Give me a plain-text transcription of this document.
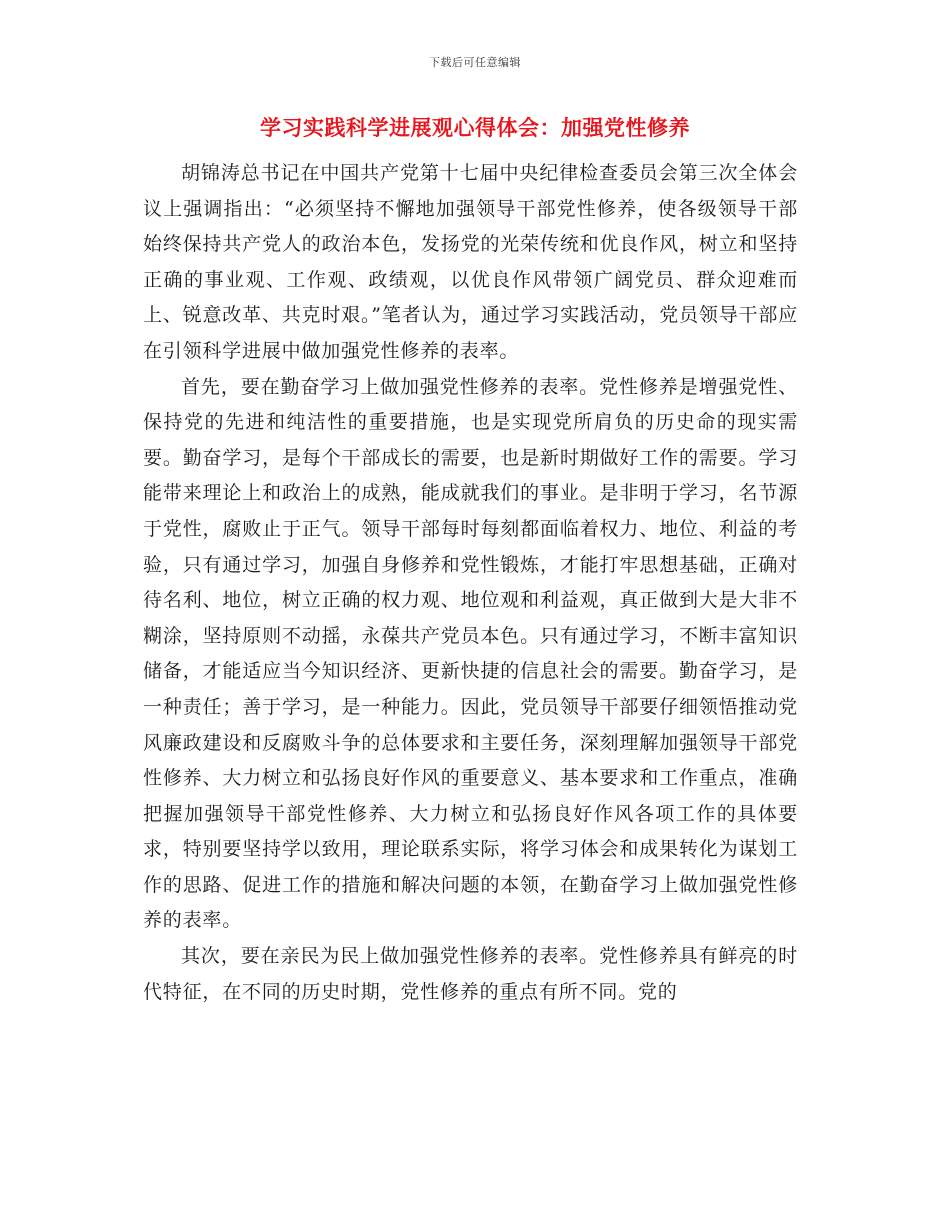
下载后可任意编辑
学习实践科学进展观心得体会：加强党性修养

胡锦涛总书记在中国共产党第十七届中央纪律检查委员会第三次全体会议上强调指出：“必须坚持不懈地加强领导干部党性修养，使各级领导干部始终保持共产党人的政治本色，发扬党的光荣传统和优良作风，树立和坚持正确的事业观、工作观、政绩观，以优良作风带领广阔党员、群众迎难而上、锐意改革、共克时艰。”笔者认为，通过学习实践活动，党员领导干部应在引领科学进展中做加强党性修养的表率。

首先，要在勤奋学习上做加强党性修养的表率。党性修养是增强党性、保持党的先进和纯洁性的重要措施，也是实现党所肩负的历史命的现实需要。勤奋学习，是每个干部成长的需要，也是新时期做好工作的需要。学习能带来理论上和政治上的成熟，能成就我们的事业。是非明于学习，名节源于党性，腐败止于正气。领导干部每时每刻都面临着权力、地位、利益的考验，只有通过学习，加强自身修养和党性锻炼，才能打牢思想基础，正确对待名利、地位，树立正确的权力观、地位观和利益观，真正做到大是大非不糊涂，坚持原则不动摇，永葆共产党员本色。只有通过学习，不断丰富知识储备，才能适应当今知识经济、更新快捷的信息社会的需要。勤奋学习，是一种责任；善于学习，是一种能力。因此，党员领导干部要仔细领悟推动党风廉政建设和反腐败斗争的总体要求和主要任务，深刻理解加强领导干部党性修养、大力树立和弘扬良好作风的重要意义、基本要求和工作重点，准确把握加强领导干部党性修养、大力树立和弘扬良好作风各项工作的具体要求，特别要坚持学以致用，理论联系实际，将学习体会和成果转化为谋划工作的思路、促进工作的措施和解决问题的本领，在勤奋学习上做加强党性修养的表率。

其次，要在亲民为民上做加强党性修养的表率。党性修养具有鲜亮的时代特征，在不同的历史时期，党性修养的重点有所不同。党的
